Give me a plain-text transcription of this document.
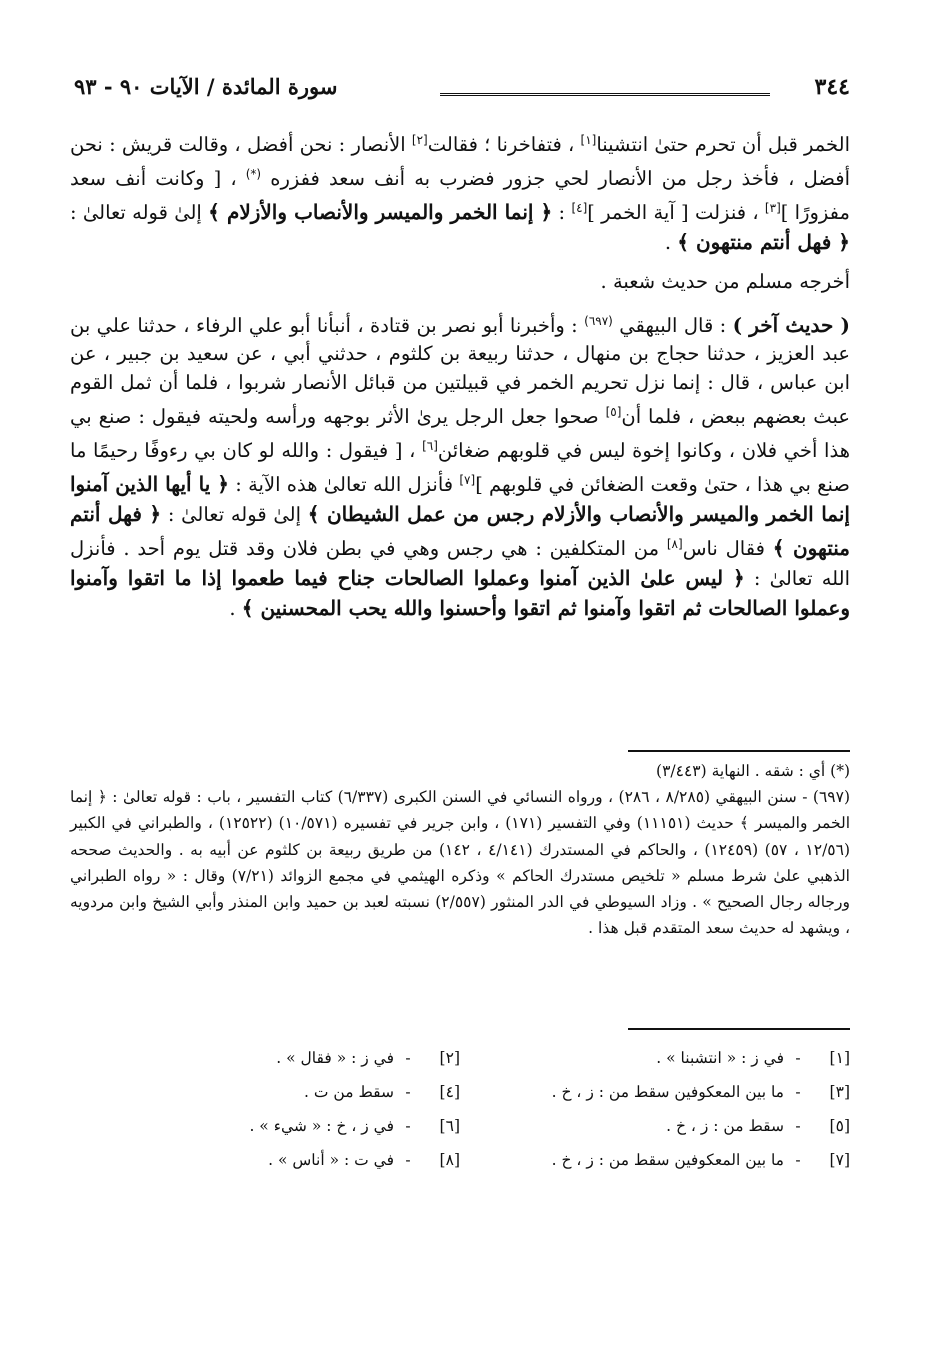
٣٤٤
سورة المائدة / الآيات ٩٠ - ٩٣

الخمر قبل أن تحرم حتىٰ انتشينا[١] ، فتفاخرنا ؛ فقالت[٢] الأنصار : نحن أفضل ، وقالت قريش : نحن أفضل ، فأخذ رجل من الأنصار لحي جزور فضرب به أنف سعد ففزره (*) ، [ وكانت أنف سعد مفزورًا ][٣] ، فنزلت [ آية الخمر ][٤] : ﴿ إنما الخمر والميسر والأنصاب والأزلام ﴾ إلىٰ قوله تعالىٰ : ﴿ فهل أنتم منتهون ﴾ .

أخرجه مسلم من حديث شعبة .

( حديث آخر ) : قال البيهقي $^{(٦٩٧)}$ : وأخبرنا أبو نصر بن قتادة ، أنبأنا أبو علي الرفاء ، حدثنا علي بن عبد العزيز ، حدثنا حجاج بن منهال ، حدثنا ربيعة بن كلثوم ، حدثني أبي ، عن سعيد بن جبير ، عن ابن عباس ، قال : إنما نزل تحريم الخمر في قبيلتين من قبائل الأنصار شربوا ، فلما أن ثمل القوم عبث بعضهم ببعض ، فلما أن[٥] صحوا جعل الرجل يرىٰ الأثر بوجهه ورأسه ولحيته فيقول : صنع بي هذا أخي فلان ، وكانوا إخوة ليس في قلوبهم ضغائن[٦] ، [ فيقول : والله لو كان بي رءوفًا رحيمًا ما صنع بي هذا ، حتىٰ وقعت الضغائن في قلوبهم ][٧] فأنزل الله تعالىٰ هذه الآية : ﴿ يا أيها الذين آمنوا إنما الخمر والميسر والأنصاب والأزلام رجس من عمل الشيطان ﴾ إلىٰ قوله تعالىٰ : ﴿ فهل أنتم منتهون ﴾ فقال ناس[٨] من المتكلفين : هي رجس وهي في بطن فلان وقد قتل يوم أحد . فأنزل الله تعالىٰ : ﴿ ليس علىٰ الذين آمنوا وعملوا الصالحات جناح فيما طعموا إذا ما اتقوا وآمنوا وعملوا الصالحات ثم اتقوا وآمنوا ثم اتقوا وأحسنوا والله يحب المحسنين ﴾ .

(*) أي : شقه . النهاية (٣/٤٤٣)

(٦٩٧) - سنن البيهقي (٨/٢٨٥ ، ٢٨٦) ، ورواه النسائي في السنن الكبرى (٦/٣٣٧) كتاب التفسير ، باب : قوله تعالىٰ : ﴿ إنما الخمر والميسر ﴾ حديث (١١١٥١) وفي التفسير (١٧١) ، وابن جرير في تفسيره (١٠/٥٧١) (١٢٥٢٢) ، والطبراني في الكبير (١٢/٥٦ ، ٥٧) (١٢٤٥٩) ، والحاكم في المستدرك (٤/١٤١ ، ١٤٢) من طريق ربيعة بن كلثوم عن أبيه به . والحديث صححه الذهبي علىٰ شرط مسلم « تلخيص مستدرك الحاكم » وذكره الهيثمي في مجمع الزوائد (٧/٢١) وقال : « رواه الطبراني ورجاله رجال الصحيح » . وزاد السيوطي في الدر المنثور (٢/٥٥٧) نسبته لعبد بن حميد وابن المنذر وأبي الشيخ وابن مردويه ، ويشهد له حديث سعد المتقدم قبل هذا .

[١]
-
في ز : « انتشبنا » .
[٢]
-
في ز : « فقال » .
[٣]
-
ما بين المعكوفين سقط من : ز ، خ .
[٤]
-
سقط من ت .
[٥]
-
سقط من : ز ، خ .
[٦]
-
في ز ، خ : « شيء » .
[٧]
-
ما بين المعكوفين سقط من : ز ، خ .
[٨]
-
في ت : « أناس » .
